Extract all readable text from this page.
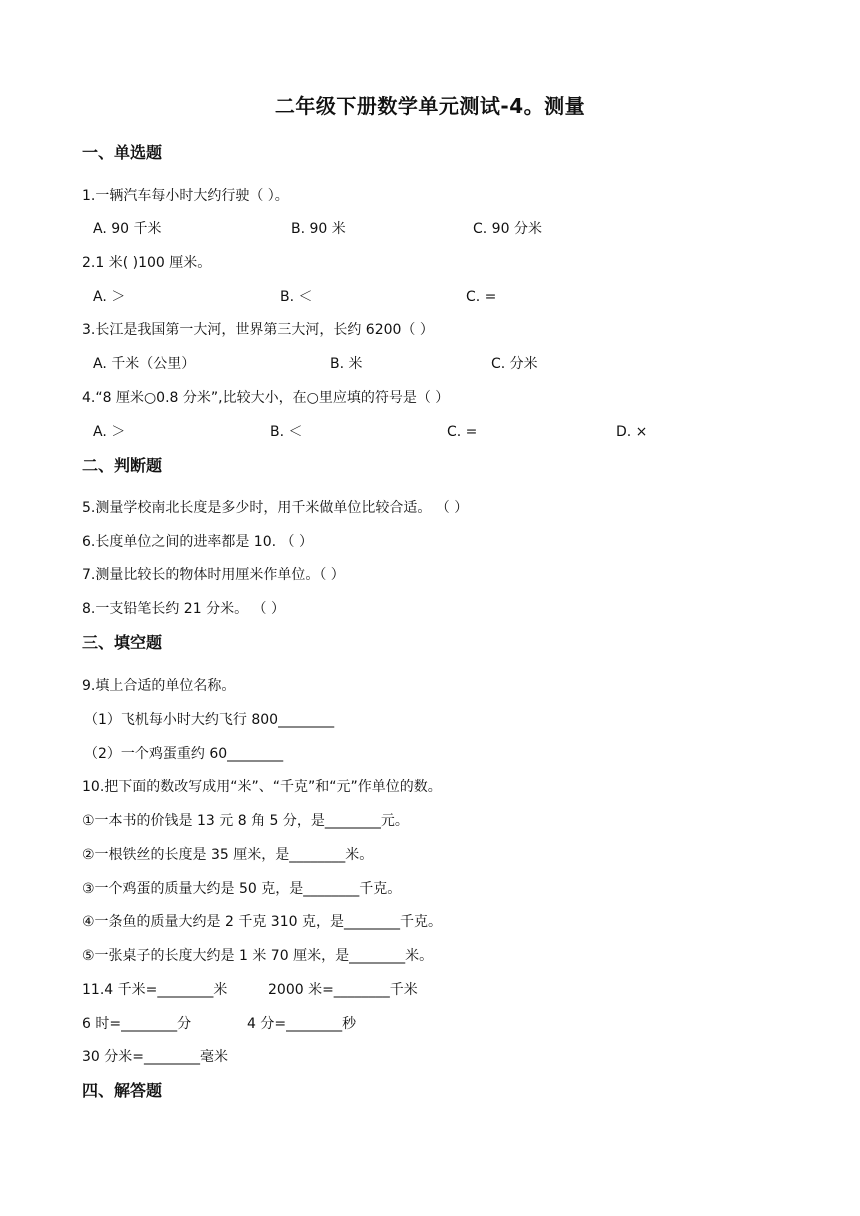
二年级下册数学单元测试-4。测量
一、单选题
1.一辆汽车每小时大约行驶（ ）。
A. 90 千米	B. 90 米	C. 90 分米
2.1 米( )100 厘米。
A. ＞	B. ＜	C. =
3.长江是我国第一大河，世界第三大河，长约 6200（ ）
A. 千米（公里）	B. 米	C. 分米
4.“8 厘米○0.8 分米”,比较大小，在○里应填的符号是（ ）
A. ＞	B. ＜	C. =	D. ×
二、判断题
5.测量学校南北长度是多少时，用千米做单位比较合适。 （ ）
6.长度单位之间的进率都是 10. （ ）
7.测量比较长的物体时用厘米作单位。（ ）
8.一支铅笔长约 21 分米。 （ ）
三、填空题
9.填上合适的单位名称。
（1）飞机每小时大约飞行 800________
（2）一个鸡蛋重约 60________
10.把下面的数改写成用“米”、“千克”和“元”作单位的数。
①一本书的价钱是 13 元 8 角 5 分，是________元。
②一根铁丝的长度是 35 厘米，是________米。
③一个鸡蛋的质量大约是 50 克，是________千克。
④一条鱼的质量大约是 2 千克 310 克，是________千克。
⑤一张桌子的长度大约是 1 米 70 厘米，是________米。
11.4 千米=________米	2000 米=________千米
6 时=________分	4 分=________秒
30 分米=________毫米
四、解答题
